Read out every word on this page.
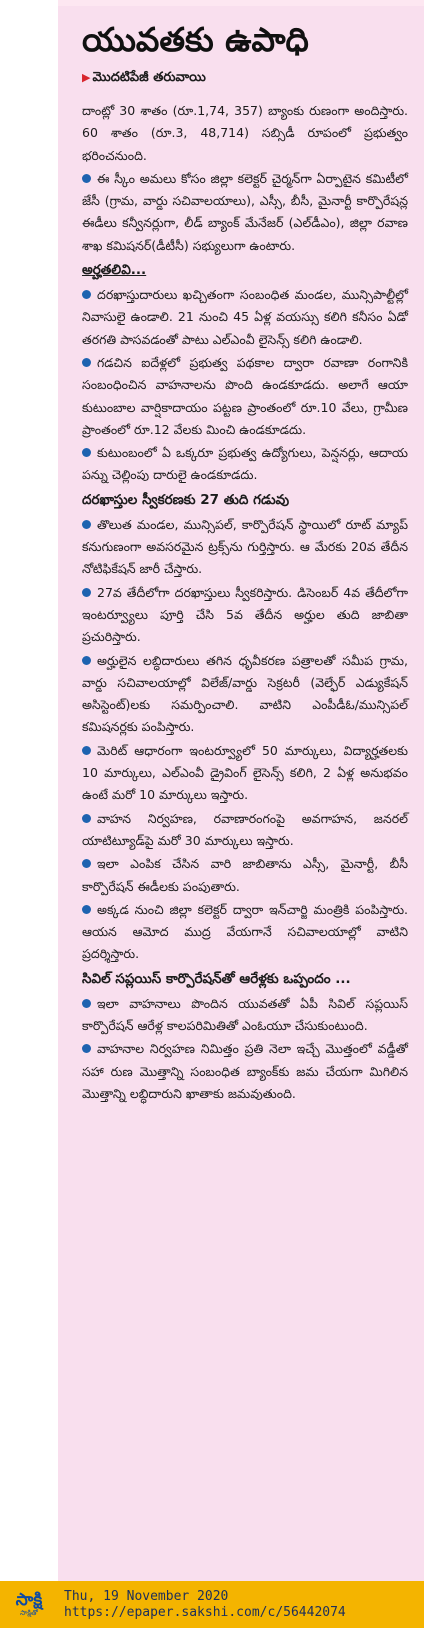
యువతకు ఉపాధి
▶ మొదటిపేజీ తరువాయి

దాంట్లో 30 శాతం (రూ.1,74, 357) బ్యాంకు రుణంగా అందిస్తారు. 60 శాతం (రూ.3, 48,714) సబ్సిడీ రూపంలో ప్రభుత్వం భరించనుంది.

ఈ స్కీం అమలు కోసం జిల్లా కలెక్టర్ చైర్మన్‌గా ఏర్పాటైన కమిటీలో జేసీ (గ్రామ, వార్డు సచివాలయాలు), ఎస్సీ, బీసీ, మైనార్టీ కార్పొరేషన్ల ఈడీలు కన్వీనర్లుగా, లీడ్ బ్యాంక్ మేనేజర్ (ఎల్‌డీఎం), జిల్లా రవాణ శాఖ కమిషనర్(డీటీసీ) సభ్యులుగా ఉంటారు.

అర్హతలివి...

దరఖాస్తుదారులు ఖచ్చితంగా సంబంధిత మండల, మున్సిపాల్టీల్లో నివాసులై ఉండాలి. 21 నుంచి 45 ఏళ్ల వయస్సు కలిగి కనీసం ఏడో తరగతి పాసవడంతో పాటు ఎల్‌ఎంవీ లైసెన్స్ కలిగి ఉండాలి.

గడచిన ఐదేళ్లలో ప్రభుత్వ పథకాల ద్వారా రవాణా రంగానికి సంబంధించిన వాహనాలను పొంది ఉండకూడదు. అలాగే ఆయా కుటుంబాల వార్షికాదాయం పట్టణ ప్రాంతంలో రూ.10 వేలు, గ్రామీణ ప్రాంతంలో రూ.12 వేలకు మించి ఉండకూడదు.

కుటుంబంలో ఏ ఒక్కరూ ప్రభుత్వ ఉద్యోగులు, పెన్షనర్లు, ఆదాయ పన్ను చెల్లింపు దారులై ఉండకూడదు.

దరఖాస్తుల స్వీకరణకు 27 తుది గడువు

తొలుత మండల, మున్సిపల్, కార్పొరేషన్ స్థాయిలో రూట్ మ్యాప్ కనుగుణంగా అవసరమైన ట్రక్స్‌ను గుర్తిస్తారు. ఆ మేరకు 20వ తేదీన నోటిఫికేషన్ జారీ చేస్తారు.

27వ తేదీలోగా దరఖాస్తులు స్వీకరిస్తారు. డిసెంబర్ 4వ తేదీలోగా ఇంటర్వ్యూలు పూర్తి చేసి 5వ తేదీన అర్హుల తుది జాబితా ప్రచురిస్తారు.

అర్హులైన లబ్ధిదారులు తగిన ధృవీకరణ పత్రాలతో సమీప గ్రామ, వార్డు సచివాలయాల్లో విలేజ్/వార్డు సెక్రటరీ (వెల్ఫేర్ ఎడ్యుకేషన్ అసిస్టెంట్)లకు సమర్పించాలి. వాటిని ఎంపీడీఓ/మున్సిపల్ కమిషనర్లకు పంపిస్తారు.

మెరిట్ ఆధారంగా ఇంటర్వ్యూలో 50 మార్కులు, విద్యార్హతలకు 10 మార్కులు, ఎల్‌ఎంవీ డ్రైవింగ్ లైసెన్స్ కలిగి, 2 ఏళ్ల అనుభవం ఉంటే మరో 10 మార్కులు ఇస్తారు.

వాహన నిర్వహణ, రవాణారంగంపై అవగాహన, జనరల్ యాటిట్యూడ్‌పై మరో 30 మార్కులు ఇస్తారు.

ఇలా ఎంపిక చేసిన వారి జాబితాను ఎస్సీ, మైనార్టీ, బీసీ కార్పొరేషన్ ఈడీలకు పంపుతారు.

అక్కడ నుంచి జిల్లా కలెక్టర్ ద్వారా ఇన్‌చార్జి మంత్రికి పంపిస్తారు. ఆయన ఆమోద ముద్ర వేయగానే సచివాలయాల్లో వాటిని ప్రదర్శిస్తారు.

సివిల్ సప్లయిస్ కార్పొరేషన్‌తో ఆరేళ్లకు ఒప్పందం ...

ఇలా వాహనాలు పొందిన యువతతో ఏపీ సివిల్ సప్లయిస్ కార్పొరేషన్ ఆరేళ్ల కాలపరిమితితో ఎంఓయూ చేసుకుంటుంది.

వాహనాల నిర్వహణ నిమిత్తం ప్రతి నెలా ఇచ్చే మొత్తంలో వడ్డీతో సహా రుణ మొత్తాన్ని సంబంధిత బ్యాంక్‌కు జమ చేయగా మిగిలిన మొత్తాన్ని లబ్ధిదారుని ఖాతాకు జమవుతుంది.

సాక్షి
సాక్షితో
Thu, 19 November 2020
https://epaper.sakshi.com/c/56442074
